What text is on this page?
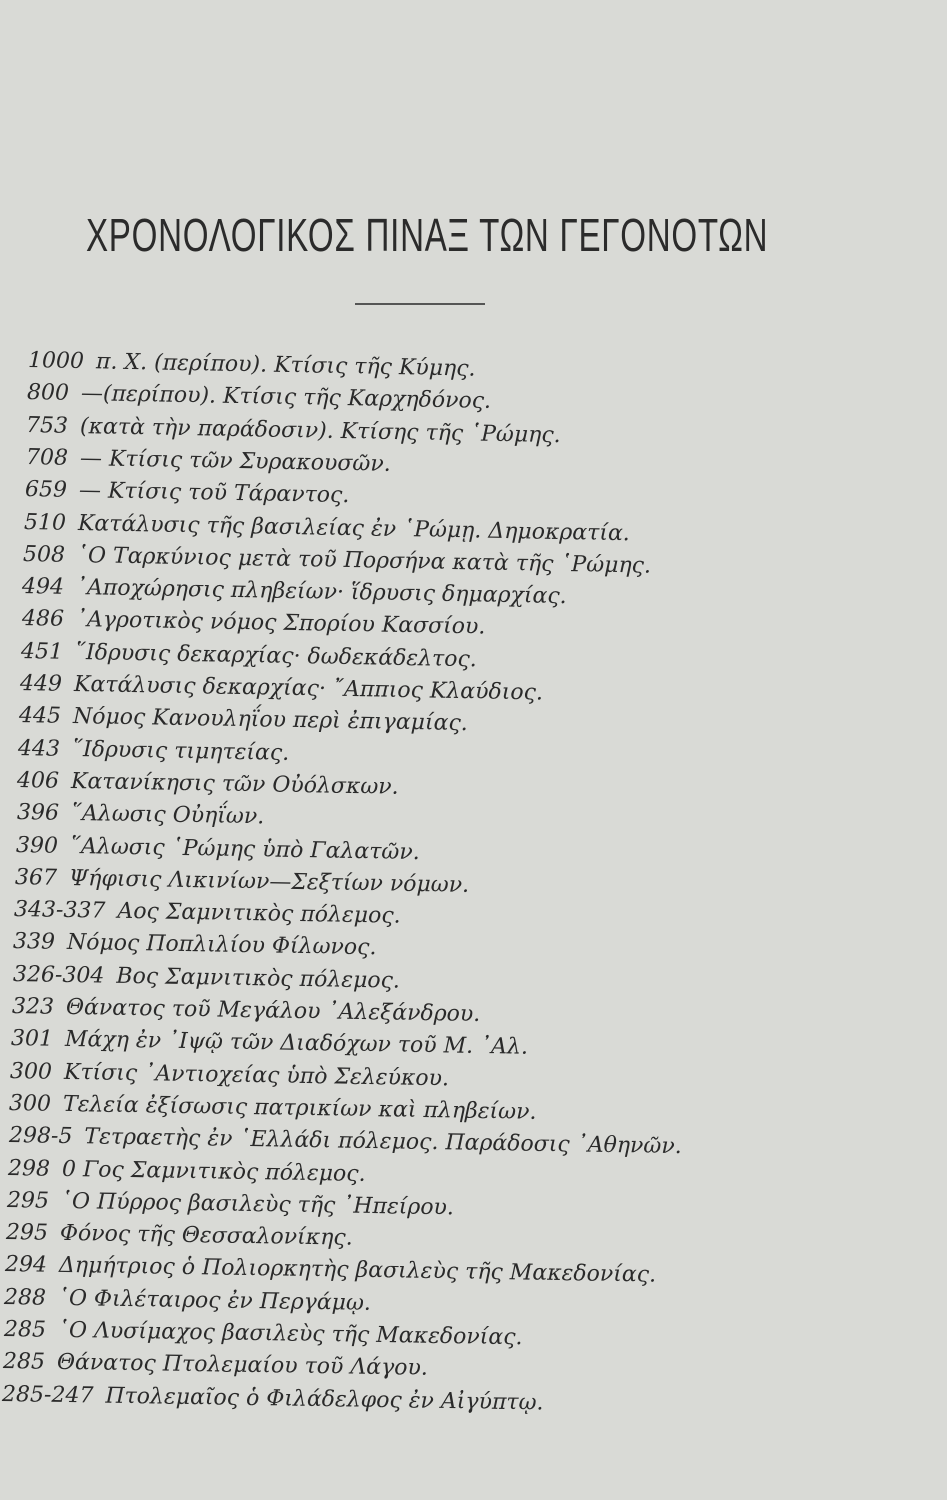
ΧΡΟΝΟΛΟΓΙΚΟΣ ΠΙΝΑΞ ΤΩΝ ΓΕΓΟΝΟΤΩΝ
1000 π. Χ. (περίπου). Κτίσις τῆς Κύμης.
800 —(περίπου). Κτίσις τῆς Καρχηδόνος.
753 (κατὰ τὴν παράδοσιν). Κτίσης τῆς ῾Ρώμης.
708 — Κτίσις τῶν Συρακουσῶν.
659 — Κτίσις τοῦ Τάραντος.
510 Κατάλυσις τῆς βασιλείας ἐν ῾Ρώμῃ. Δημοκρατία.
508 ῾Ο Ταρκύνιος μετὰ τοῦ Πορσήνα κατὰ τῆς ῾Ρώμης.
494 ᾿Αποχώρησις πληβείων· ἵδρυσις δημαρχίας.
486 ᾿Αγροτικὸς νόμος Σπορίου Κασσίου.
451 ῞Ιδρυσις δεκαρχίας· δωδεκάδελτος.
449 Κατάλυσις δεκαρχίας· ῎Αππιος Κλαύδιος.
445 Νόμος Κανουληΐου περὶ ἐπιγαμίας.
443 ῞Ιδρυσις τιμητείας.
406 Κατανίκησις τῶν Οὐόλσκων.
396 ῞Αλωσις Οὐηΐων.
390 ῞Αλωσις ῾Ρώμης ὑπὸ Γαλατῶν.
367 Ψήφισις Λικινίων—Σεξτίων νόμων.
343-337 Αος Σαμνιτικὸς πόλεμος.
339 Νόμος Ποπλιλίου Φίλωνος.
326-304 Βος Σαμνιτικὸς πόλεμος.
323 Θάνατος τοῦ Μεγάλου ᾿Αλεξάνδρου.
301 Μάχη ἐν ᾿Ιψῷ τῶν Διαδόχων τοῦ Μ. ᾿Αλ.
300 Κτίσις ᾿Αντιοχείας ὑπὸ Σελεύκου.
300 Τελεία ἐξίσωσις πατρικίων καὶ πληβείων.
298-5 Τετραετὴς ἐν ῾Ελλάδι πόλεμος. Παράδοσις ᾿Αθηνῶν.
298 0 Γος Σαμνιτικὸς πόλεμος.
295 ῾Ο Πύρρος βασιλεὺς τῆς ᾿Ηπείρου.
295 Φόνος τῆς Θεσσαλονίκης.
294 Δημήτριος ὁ Πολιορκητὴς βασιλεὺς τῆς Μακεδονίας.
288 ῾Ο Φιλέταιρος ἐν Περγάμῳ.
285 ῾Ο Λυσίμαχος βασιλεὺς τῆς Μακεδονίας.
285 Θάνατος Πτολεμαίου τοῦ Λάγου.
285-247 Πτολεμαῖος ὁ Φιλάδελφος ἐν Αἰγύπτῳ.
